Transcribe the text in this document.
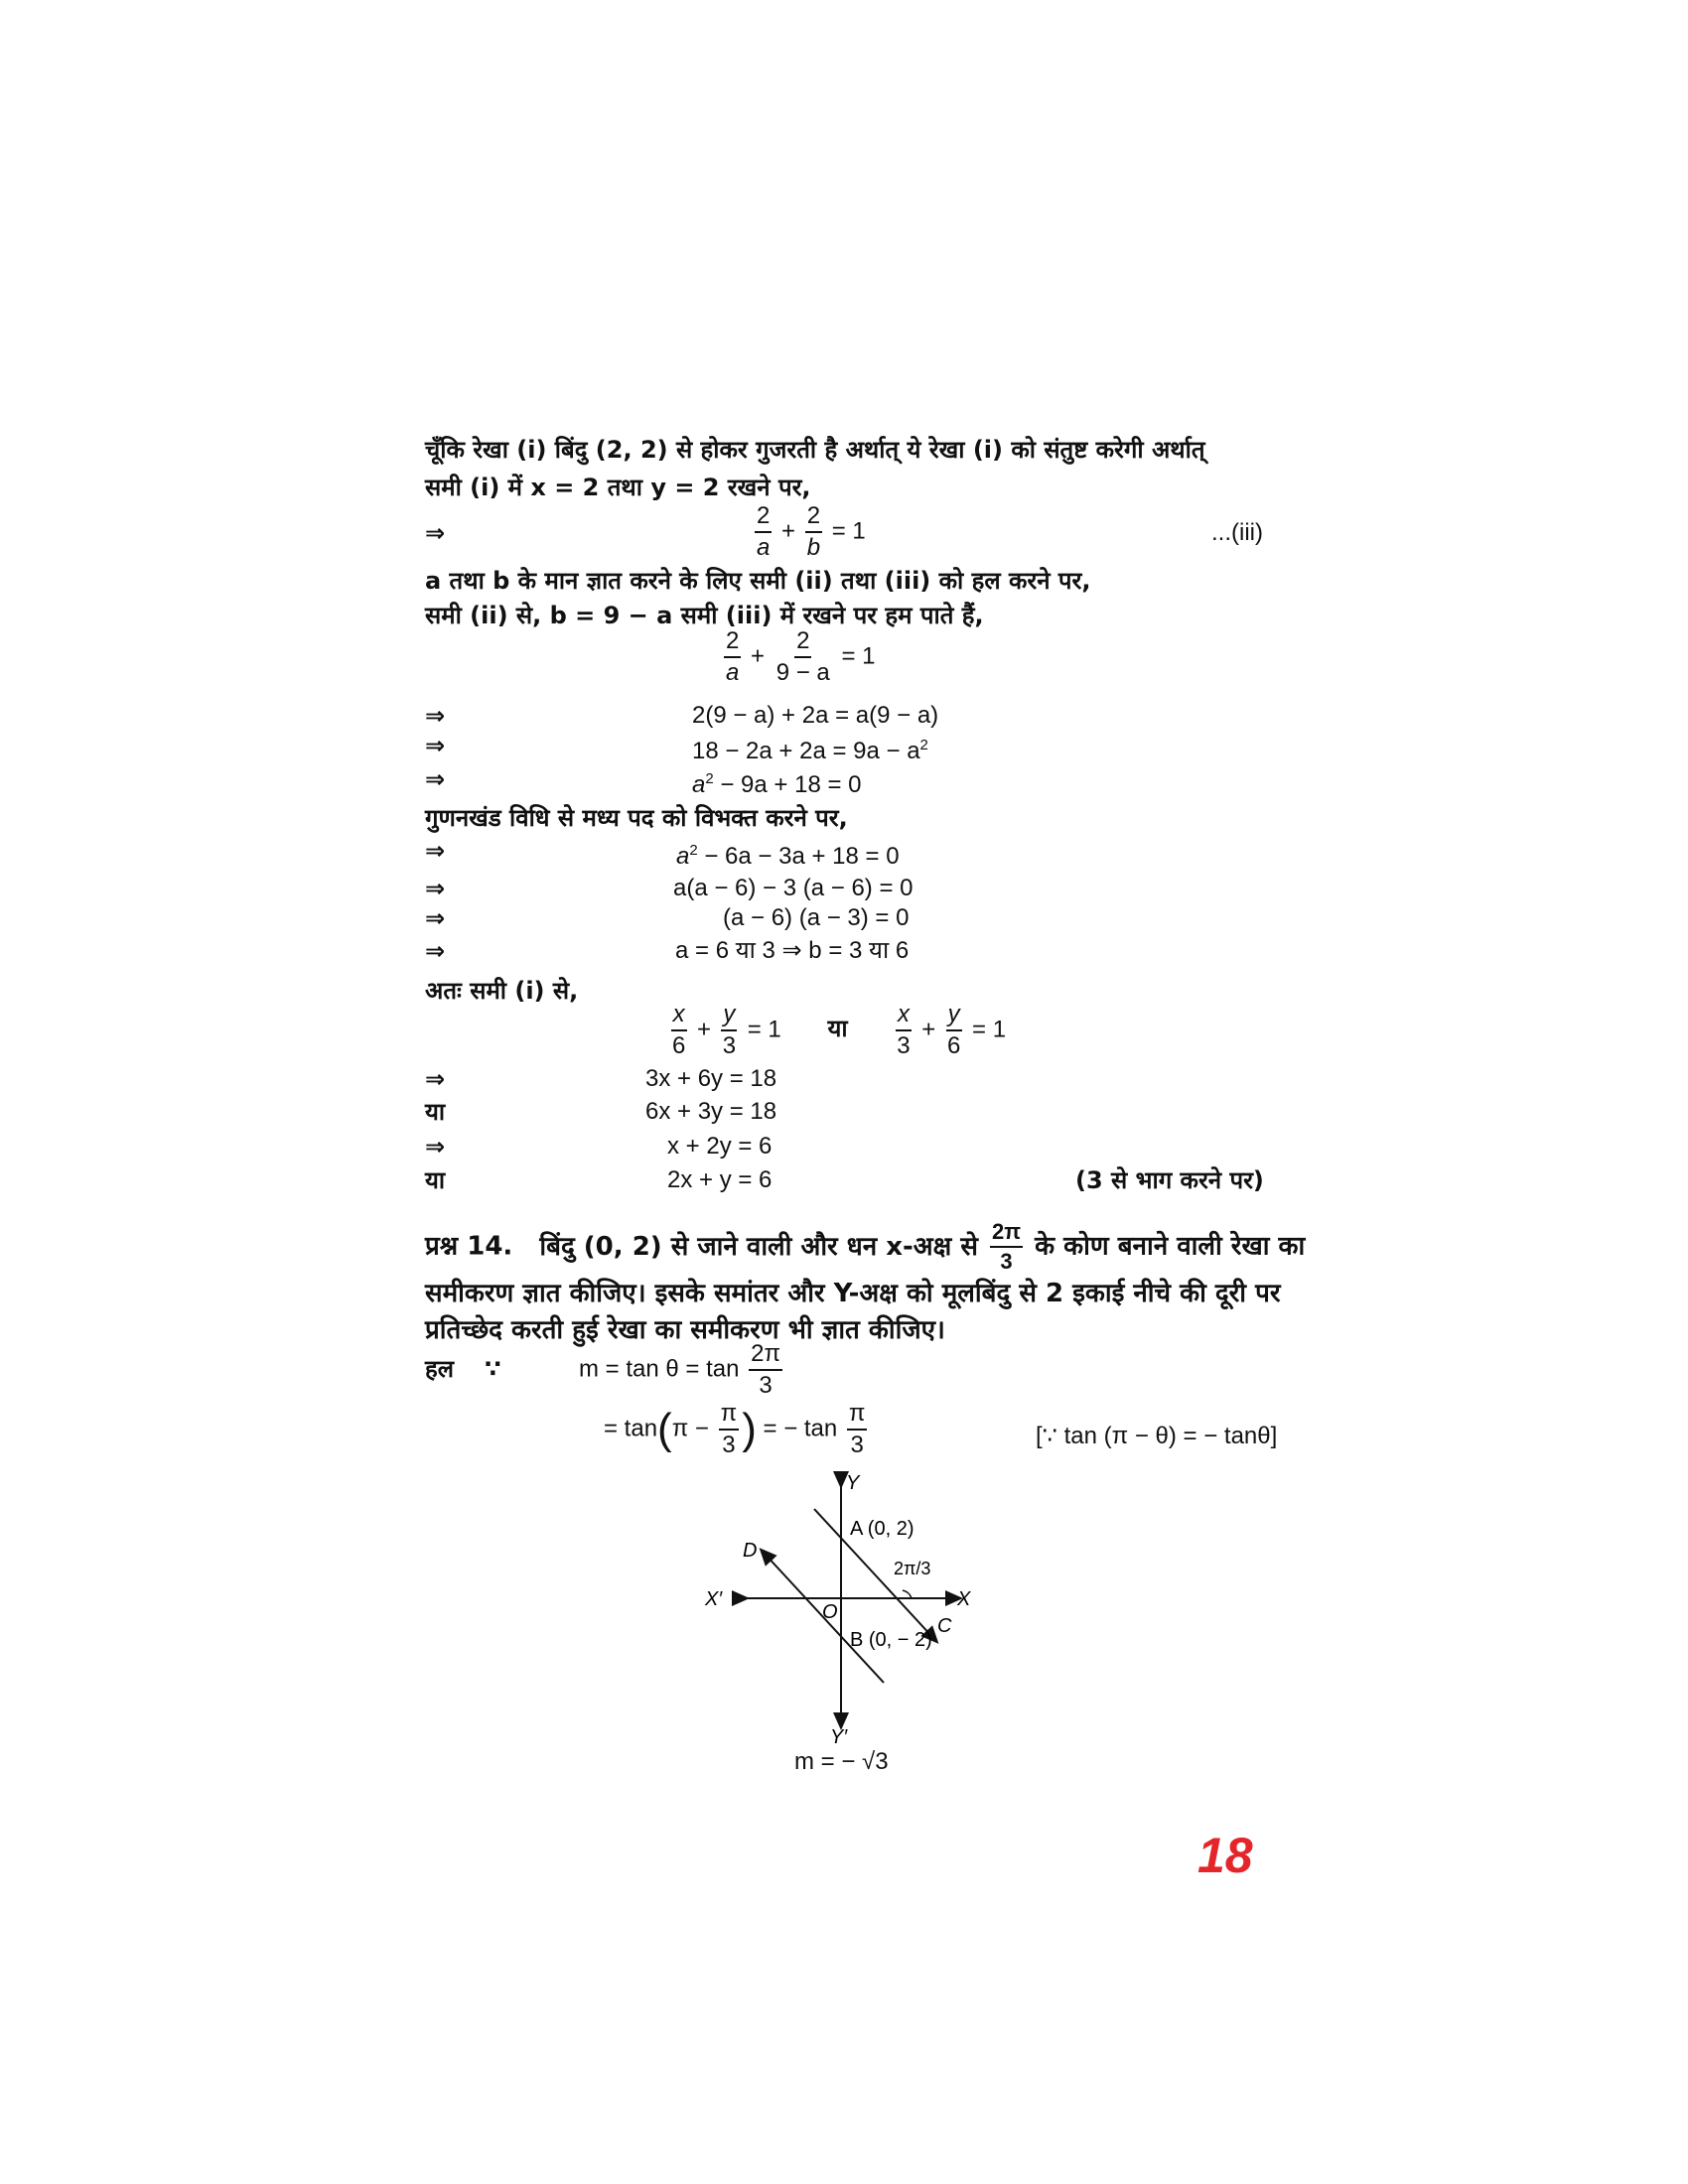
चूँकि रेखा (i) बिंदु (2, 2) से होकर गुजरती है अर्थात् ये रेखा (i) को संतुष्ट करेगी अर्थात्
समी (i) में x = 2 तथा y = 2 रखने पर,
⇒	$\frac{2}{a} + \frac{2}{b} = 1$	...(iii)
a तथा b के मान ज्ञात करने के लिए समी (ii) तथा (iii) को हल करने पर,
समी (ii) से, b = 9 − a समी (iii) में रखने पर हम पाते हैं,
$\frac{2}{a} + \frac{2}{9 - a} = 1$
⇒	2(9 − a) + 2a = a(9 − a)
⇒	$18 - 2a + 2a = 9a - a^2$
⇒	$a^2 - 9a + 18 = 0$
गुणनखंड विधि से मध्य पद को विभक्त करने पर,
⇒	$a^2 - 6a - 3a + 18 = 0$
⇒	a(a − 6) − 3 (a − 6) = 0
⇒	(a − 6) (a − 3) = 0
⇒	a = 6 या 3 ⇒ b = 3 या 6
अतः समी (i) से,
$\frac{x}{6} + \frac{y}{3} = 1$ या $\frac{x}{3} + \frac{y}{6} = 1$
⇒	3x + 6y = 18
या	6x + 3y = 18
⇒	x + 2y = 6
या	2x + y = 6	(3 से भाग करने पर)
प्रश्न 14. बिंदु (0, 2) से जाने वाली और धन x-अक्ष से $\frac{2\pi}{3}$ के कोण बनाने वाली रेखा का
समीकरण ज्ञात कीजिए। इसके समांतर और Y-अक्ष को मूलबिंदु से 2 इकाई नीचे की दूरी पर
प्रतिच्छेद करती हुई रेखा का समीकरण भी ज्ञात कीजिए।
हल ∵	$m = \tan \theta = \tan \frac{2\pi}{3}$
= $\tan(\pi - \frac{\pi}{3}$ ) = − $\tan \frac{\pi}{3}$	[∵ tan (π − θ) = − tanθ]
Y
Y′
X
X′
O
A (0, 2)
B (0, − 2)
2π/3
C
D
m = − √3
18
